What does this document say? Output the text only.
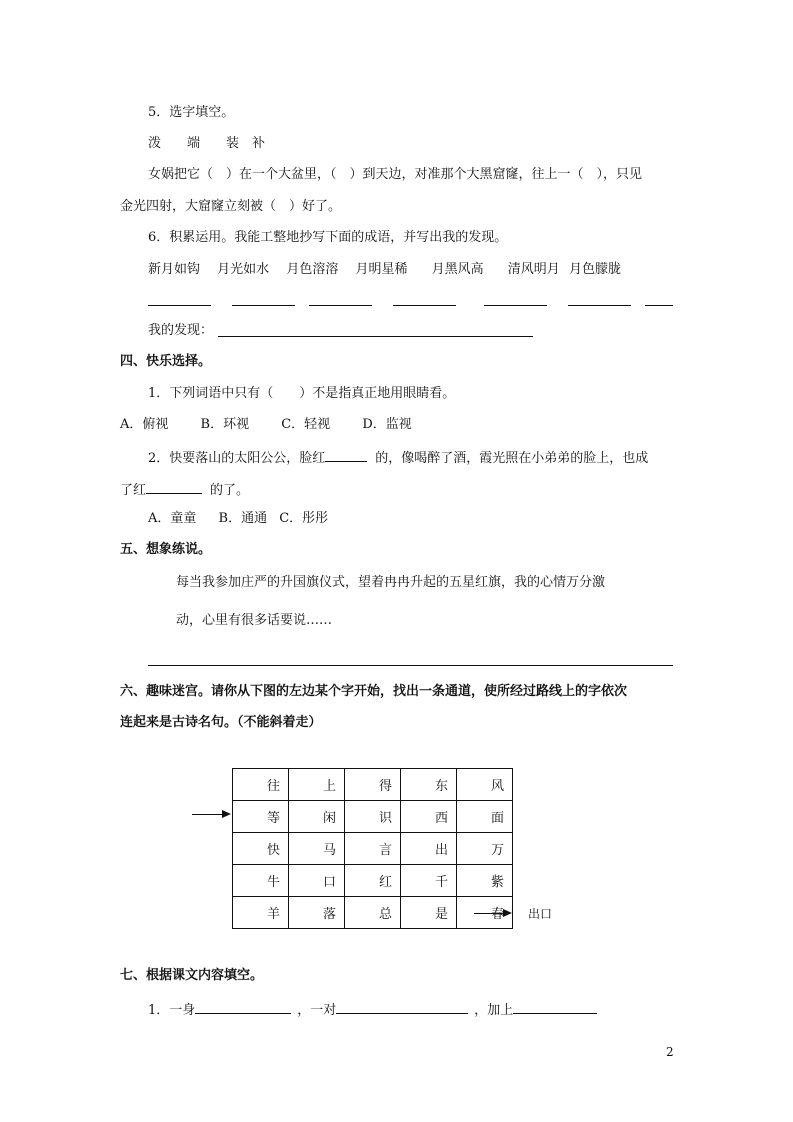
5．选字填空。
泼　　端　　装　补
女娲把它（　）在一个大盆里，（　）到天边，对准那个大黑窟窿，往上一（　），只见
金光四射，大窟窿立刻被（　）好了。
6．积累运用。我能工整地抄写下面的成语，并写出我的发现。
新月如钩 月光如水 月色溶溶 月明星稀 月黑风高 清风明月 月色朦胧
我的发现：
四、快乐选择。
1．下列词语中只有（　　）不是指真正地用眼睛看。
A．俯视 B．环视 C．轻视 D．监视
2．快要落山的太阳公公，脸红	的，像喝醉了酒，霞光照在小弟弟的脸上，也成
了红	的了。
A．童童 B．通通 C．彤彤
五、想象练说。
每当我参加庄严的升国旗仪式，望着冉冉升起的五星红旗，我的心情万分激
动，心里有很多话要说……
六、趣味迷宫。请你从下图的左边某个字开始，找出一条通道，使所经过路线上的字依次
连起来是古诗名句。（不能斜着走）
往	上	得	东	风
等	闲	识	西	面
快	马	言	出	万
牛	口	红	千	紫
羊	落	总	是	春 出口
七、根据课文内容填空。
1．一身	，一对	，加上
2
